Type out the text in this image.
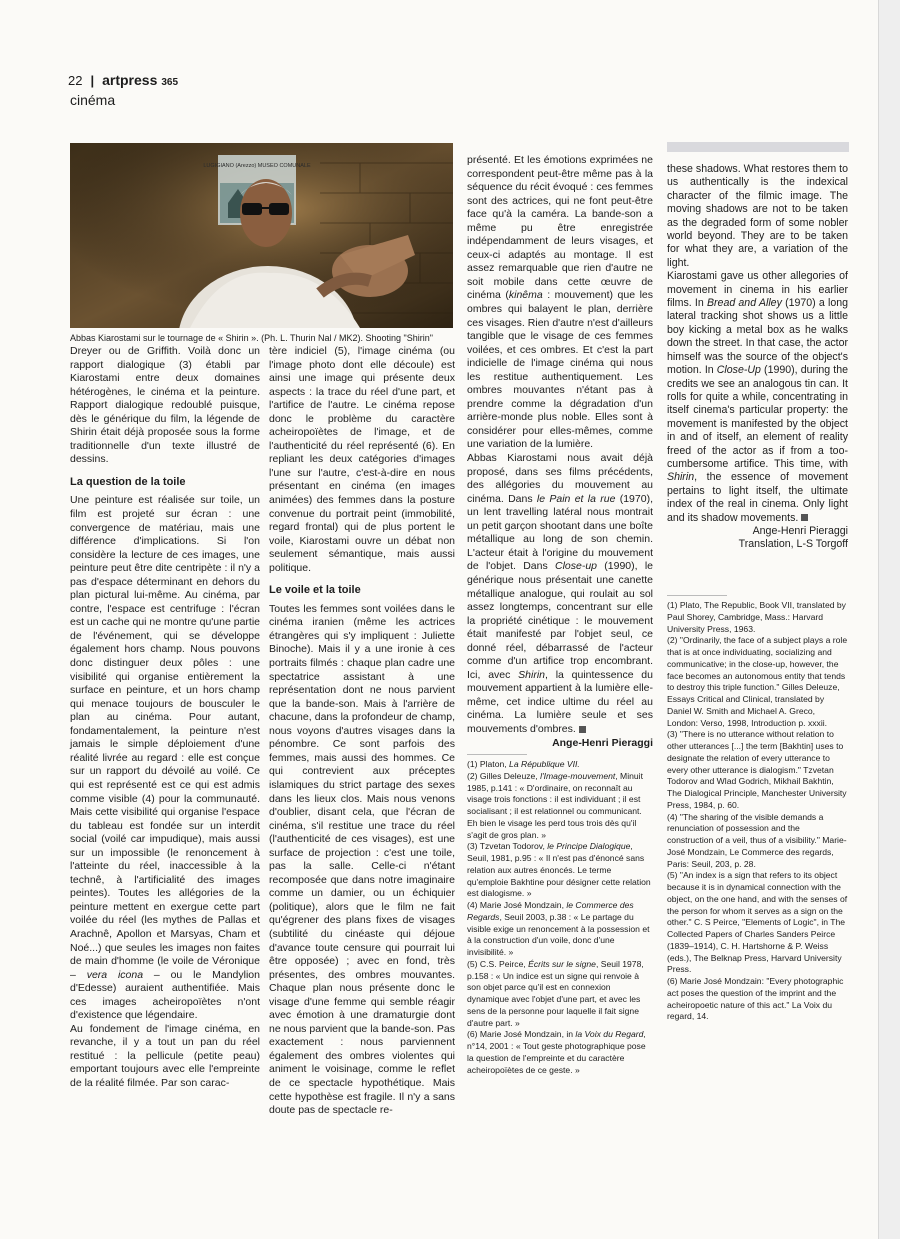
22 | artpress 365
cinéma
LUGIGIANO (Arezzo) MUSEO COMUNALE
Abbas Kiarostami sur le tournage de « Shirin ». (Ph. L. Thurin Nal / MK2). Shooting "Shirin"

Dreyer ou de Griffith. Voilà donc un rapport dialogique (3) établi par Kiarostami entre deux domaines hétérogènes, le cinéma et la peinture. Rapport dialogique redoublé puisque, dès le générique du film, la légende de Shirin était déjà proposée sous la forme traditionnelle d'un texte illustré de dessins.

La question de la toile

Une peinture est réalisée sur toile, un film est projeté sur écran : une convergence de matériau, mais une différence d'implications. Si l'on considère la lecture de ces images, une peinture peut être dite centripète : il n'y a pas d'espace déterminant en dehors du plan pictural lui-même. Au cinéma, par contre, l'espace est centrifuge : l'écran est un cache qui ne montre qu'une partie de l'événement, qui se développe également hors champ. Nous pouvons donc distinguer deux pôles : une visibilité qui organise entièrement la surface en peinture, et un hors champ qui menace toujours de bousculer le plan au cinéma. Pour autant, fondamentalement, la peinture n'est jamais le simple déploiement d'une réalité livrée au regard : elle est conçue sur un rapport du dévoilé au voilé. Ce qui est représenté est ce qui est admis comme visible (4) pour la communauté. Mais cette visibilité qui organise l'espace du tableau est fondée sur un interdit social (voilé car impudique), mais aussi sur un impossible (le renoncement à l'atteinte du réel, inaccessible à la technê, à l'artificialité des images peintes). Toutes les allégories de la peinture mettent en exergue cette part voilée du réel (les mythes de Pallas et Arachnê, Apollon et Marsyas, Cham et Noé...) que seules les images non faites de main d'homme (le voile de Véronique – vera icona – ou le Mandylion d'Edesse) auraient authentifiée. Mais ces images acheiropoïètes n'ont d'existence que légendaire.

Au fondement de l'image cinéma, en revanche, il y a tout un pan du réel restitué : la pellicule (petite peau) emportant toujours avec elle l'empreinte de la réalité filmée. Par son carac-

tère indiciel (5), l'image cinéma (ou l'image photo dont elle découle) est ainsi une image qui présente deux aspects : la trace du réel d'une part, et l'artifice de l'autre. Le cinéma repose donc le problème du caractère acheiropoïètes de l'image, et de l'authenticité du réel représenté (6). En repliant les deux catégories d'images l'une sur l'autre, c'est-à-dire en nous présentant en cinéma (en images animées) des femmes dans la posture convenue du portrait peint (immobilité, regard frontal) qui de plus portent le voile, Kiarostami ouvre un débat non seulement sémantique, mais aussi politique.

Le voile et la toile

Toutes les femmes sont voilées dans le cinéma iranien (même les actrices étrangères qui s'y impliquent : Juliette Binoche). Mais il y a une ironie à ces portraits filmés : chaque plan cadre une spectatrice assistant à une représentation dont ne nous parvient que la bande-son. Mais à l'arrière de chacune, dans la profondeur de champ, nous voyons d'autres visages dans la pénombre. Ce sont parfois des femmes, mais aussi des hommes. Ce qui contrevient aux préceptes islamiques du strict partage des sexes dans les lieux clos. Mais nous venons d'oublier, disant cela, que l'écran de cinéma, s'il restitue une trace du réel (l'authenticité de ces visages), est une surface de projection : c'est une toile, pas la salle. Celle-ci n'étant recomposée que dans notre imaginaire comme un damier, ou un échiquier (politique), alors que le film ne fait qu'égrener des plans fixes de visages (subtilité du cinéaste qui déjoue d'avance toute censure qui pourrait lui être opposée) ; avec en fond, très présentes, des ombres mouvantes. Chaque plan nous présente donc le visage d'une femme qui semble réagir avec émotion à une dramaturgie dont ne nous parvient que la bande-son. Pas exactement : nous parviennent également des ombres violentes qui animent le voisinage, comme le reflet de ce spectacle hypothétique. Mais cette hypothèse est fragile. Il n'y a sans doute pas de spectacle re-

présenté. Et les émotions exprimées ne correspondent peut-être même pas à la séquence du récit évoqué : ces femmes sont des actrices, qui ne font peut-être face qu'à la caméra. La bande-son a même pu être enregistrée indépendamment de leurs visages, et ceux-ci adaptés au montage. Il est assez remarquable que rien d'autre ne soit mobile dans cette œuvre de cinéma (kinêma : mouvement) que les ombres qui balayent le plan, derrière ces visages. Rien d'autre n'est d'ailleurs tangible que le visage de ces femmes voilées, et ces ombres. Et c'est la part indicielle de l'image cinéma qui nous les restitue authentiquement. Les ombres mouvantes n'étant pas à prendre comme la dégradation d'un arrière-monde plus noble. Elles sont à considérer pour elles-mêmes, comme une variation de la lumière.

Abbas Kiarostami nous avait déjà proposé, dans ses films précédents, des allégories du mouvement au cinéma. Dans le Pain et la rue (1970), un lent travelling latéral nous montrait un petit garçon shootant dans une boîte métallique au long de son chemin. L'acteur était à l'origine du mouvement de l'objet. Dans Close-up (1990), le générique nous présentait une canette métallique analogue, qui roulait au sol assez longtemps, concentrant sur elle la propriété cinétique : le mouvement était manifesté par l'objet seul, ce donné réel, débarrassé de l'acteur comme d'un artifice trop encombrant. Ici, avec Shirin, la quintessence du mouvement appartient à la lumière elle-même, cet indice ultime du réel au cinéma. La lumière seule et ses mouvements d'ombres.

Ange-Henri Pieraggi

(1) Platon, La République VII.

(2) Gilles Deleuze, l'Image-mouvement, Minuit 1985, p.141 : « D'ordinaire, on reconnaît au visage trois fonctions : il est individuant ; il est socialisant ; il est relationnel ou communicant. Eh bien le visage les perd tous trois dès qu'il s'agit de gros plan. »

(3) Tzvetan Todorov, le Principe Dialogique, Seuil, 1981, p.95 : « Il n'est pas d'énoncé sans relation aux autres énoncés. Le terme qu'emploie Bakhtine pour désigner cette relation est dialogisme. »

(4) Marie José Mondzain, le Commerce des Regards, Seuil 2003, p.38 : « Le partage du visible exige un renoncement à la possession et à la construction d'un voile, donc d'une invisibilité. »

(5) C.S. Peirce, Écrits sur le signe, Seuil 1978, p.158 : « Un indice est un signe qui renvoie à son objet parce qu'il est en connexion dynamique avec l'objet d'une part, et avec les sens de la personne pour laquelle il fait signe d'autre part. »

(6) Marie José Mondzain, in la Voix du Regard, n°14, 2001 : « Tout geste photographique pose la question de l'empreinte et du caractère acheiropoïètes de ce geste. »

these shadows. What restores them to us authentically is the indexical character of the filmic image. The moving shadows are not to be taken as the degraded form of some nobler world beyond. They are to be taken for what they are, a variation of the light.

Kiarostami gave us other allegories of movement in cinema in his earlier films. In Bread and Alley (1970) a long lateral tracking shot shows us a little boy kicking a metal box as he walks down the street. In that case, the actor himself was the source of the object's motion. In Close-Up (1990), during the credits we see an analogous tin can. It rolls for quite a while, concentrating in itself cinema's particular property: the movement is manifested by the object in and of itself, an element of reality freed of the actor as if from a too-cumbersome artifice. This time, with Shirin, the essence of movement pertains to light itself, the ultimate index of the real in cinema. Only light and its shadow movements.

Ange-Henri Pieraggi

Translation, L-S Torgoff

(1) Plato, The Republic, Book VII, translated by Paul Shorey, Cambridge, Mass.: Harvard University Press, 1963.

(2) "Ordinarily, the face of a subject plays a role that is at once individuating, socializing and communicative; in the close-up, however, the face becomes an autonomous entity that tends to destroy this triple function." Gilles Deleuze, Essays Critical and Clinical, translated by Daniel W. Smith and Michael A. Greco, London: Verso, 1998, Introduction p. xxxii.

(3) "There is no utterance without relation to other utterances [...] the term [Bakhtin] uses to designate the relation of every utterance to every other utterance is dialogism." Tzvetan Todorov and Wlad Godrich, Mikhail Bakhtin, The Dialogical Principle, Manchester University Press, 1984, p. 60.

(4) "The sharing of the visible demands a renunciation of possession and the construction of a veil, thus of a visibility." Marie-José Mondzain, Le Commerce des regards, Paris: Seuil, 203, p. 28.

(5) "An index is a sign that refers to its object because it is in dynamical connection with the object, on the one hand, and with the senses of the person for whom it serves as a sign on the other." C. S Peirce, "Elements of Logic", in The Collected Papers of Charles Sanders Peirce (1839–1914), C. H. Hartshorne & P. Weiss (eds.), The Belknap Press, Harvard University Press.

(6) Marie José Mondzain: "Every photographic act poses the question of the imprint and the acheiropoetic nature of this act." La Voix du regard, 14.
